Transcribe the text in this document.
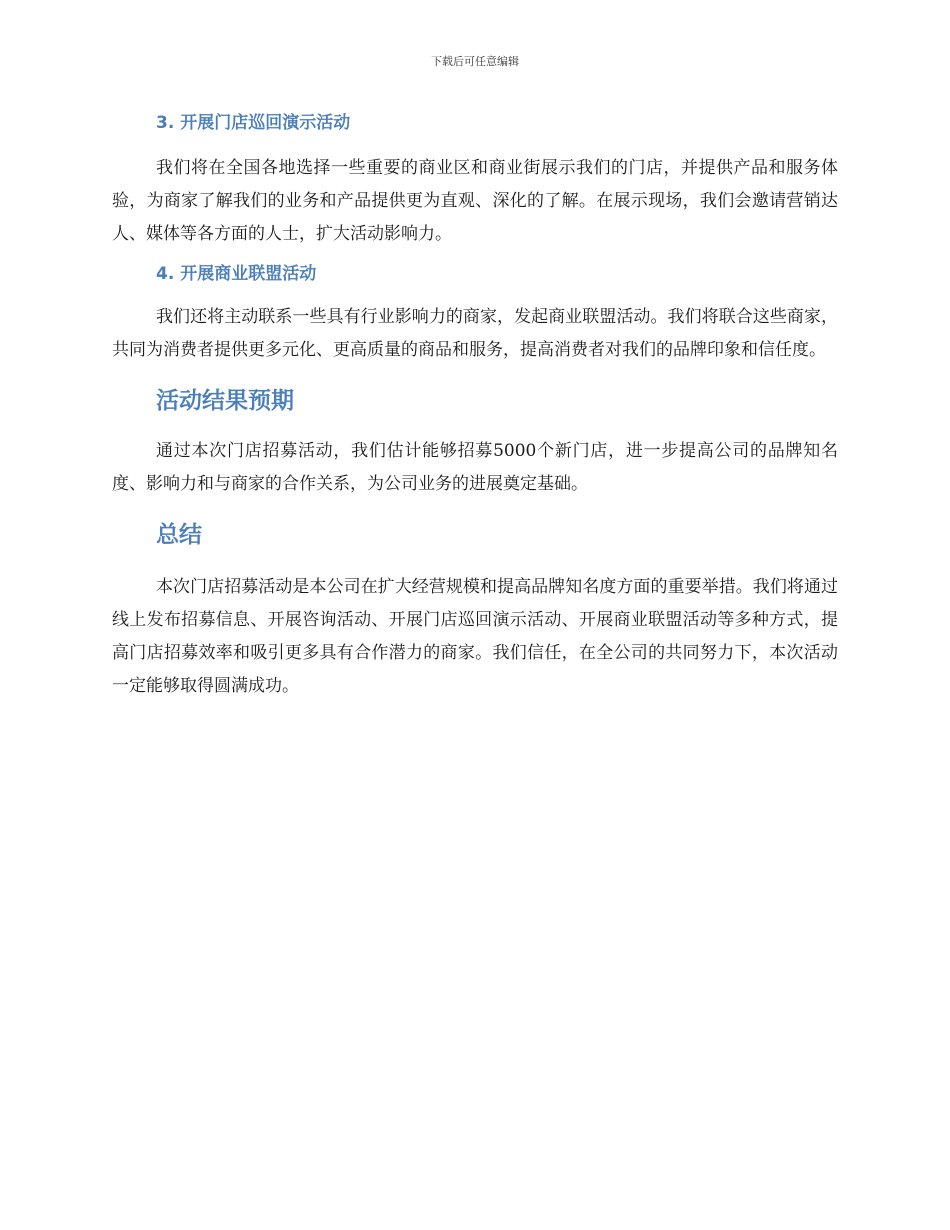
下载后可任意编辑
3. 开展门店巡回演示活动

我们将在全国各地选择一些重要的商业区和商业街展示我们的门店，并提供产品和服务体验，为商家了解我们的业务和产品提供更为直观、深化的了解。在展示现场，我们会邀请营销达人、媒体等各方面的人士，扩大活动影响力。

4. 开展商业联盟活动

我们还将主动联系一些具有行业影响力的商家，发起商业联盟活动。我们将联合这些商家，共同为消费者提供更多元化、更高质量的商品和服务，提高消费者对我们的品牌印象和信任度。

活动结果预期

通过本次门店招募活动，我们估计能够招募5000个新门店，进一步提高公司的品牌知名度、影响力和与商家的合作关系，为公司业务的进展奠定基础。

总结

本次门店招募活动是本公司在扩大经营规模和提高品牌知名度方面的重要举措。我们将通过线上发布招募信息、开展咨询活动、开展门店巡回演示活动、开展商业联盟活动等多种方式，提高门店招募效率和吸引更多具有合作潜力的商家。我们信任，在全公司的共同努力下，本次活动一定能够取得圆满成功。
